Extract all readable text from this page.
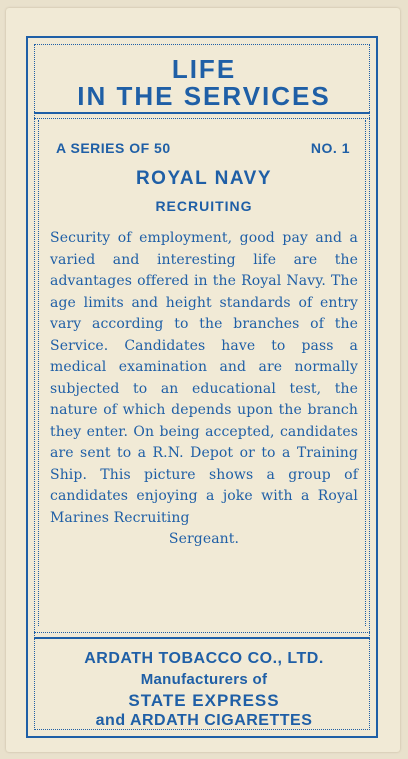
LIFE
IN THE SERVICES
A SERIES OF 50	NO. 1
ROYAL NAVY
RECRUITING
Security of employment, good pay and a varied and interesting life are the advantages offered in the Royal Navy. The age limits and height standards of entry vary according to the branches of the Service. Candidates have to pass a medical examination and are normally subjected to an educational test, the nature of which depends upon the branch they enter. On being accepted, candidates are sent to a R.N. Depot or to a Training Ship. This picture shows a group of candidates enjoying a joke with a Royal Marines Recruiting
Sergeant.
ARDATH TOBACCO CO., LTD.
Manufacturers of
STATE EXPRESS
and ARDATH CIGARETTES
